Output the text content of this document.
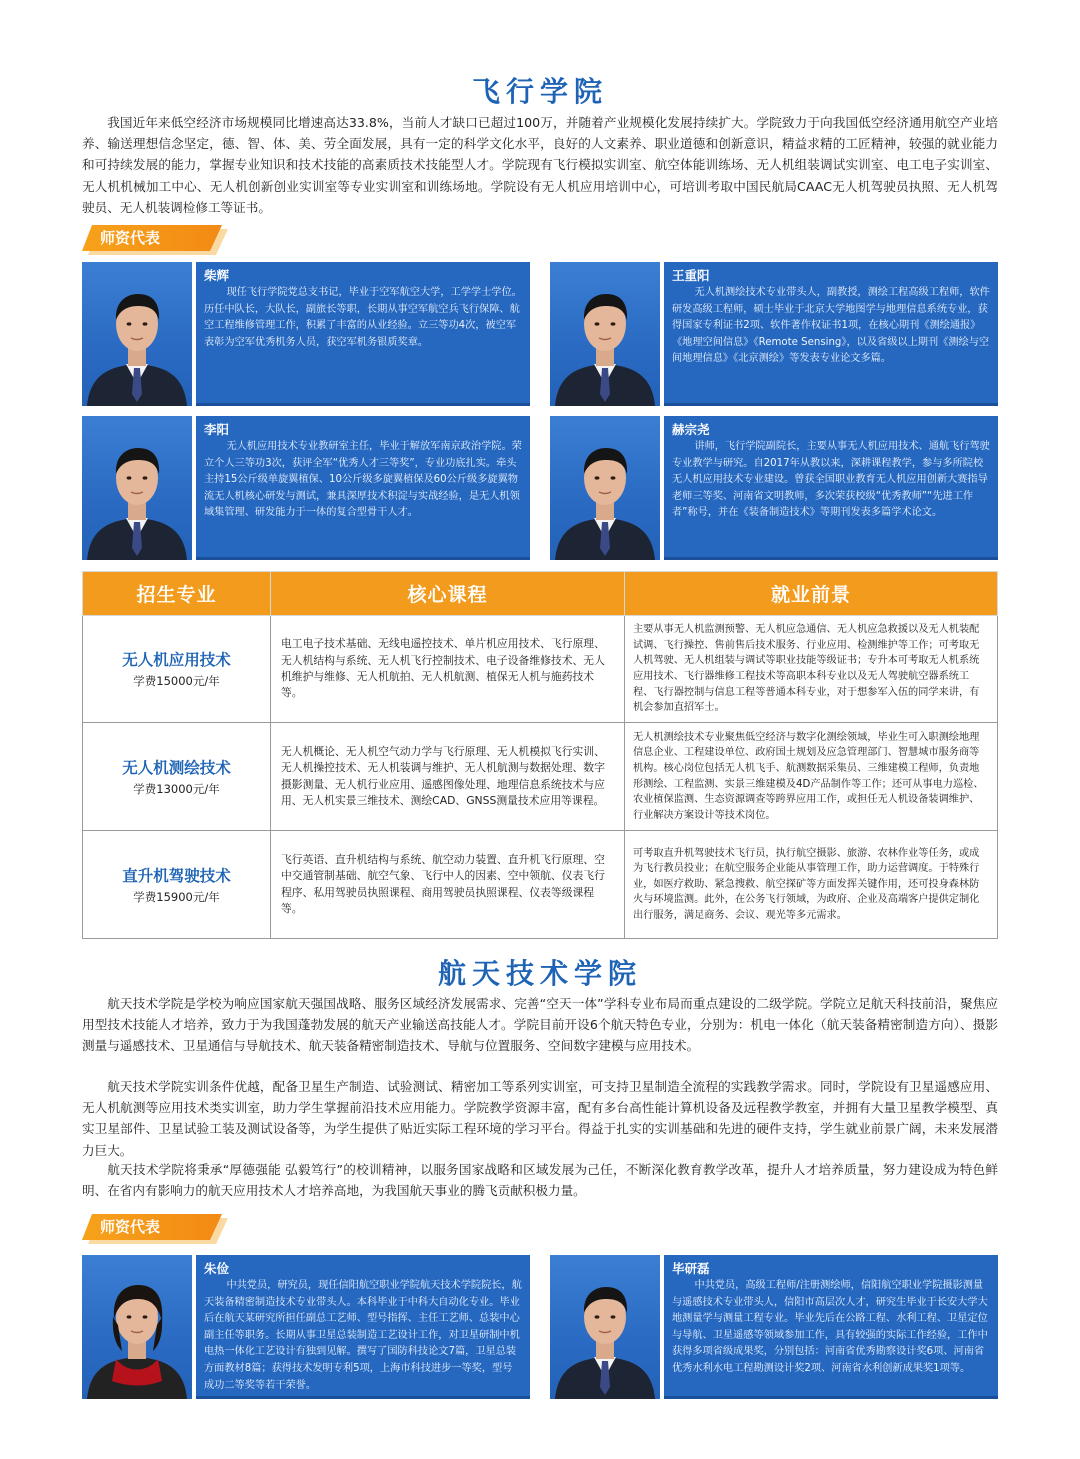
飞行学院
我国近年来低空经济市场规模同比增速高达33.8%，当前人才缺口已超过100万，并随着产业规模化发展持续扩大。学院致力于向我国低空经济通用航空产业培养、输送理想信念坚定，德、智、体、美、劳全面发展，具有一定的科学文化水平，良好的人文素养、职业道德和创新意识，精益求精的工匠精神，较强的就业能力和可持续发展的能力，掌握专业知识和技术技能的高素质技术技能型人才。学院现有飞行模拟实训室、航空体能训练场、无人机组装调试实训室、电工电子实训室、无人机机械加工中心、无人机创新创业实训室等专业实训室和训练场地。学院设有无人机应用培训中心，可培训考取中国民航局CAAC无人机驾驶员执照、无人机驾驶员、无人机装调检修工等证书。
师资代表
柴辉
现任飞行学院党总支书记，毕业于空军航空大学，工学学士学位。历任中队长，大队长，副旅长等职，长期从事空军航空兵飞行保障、航空工程维修管理工作，积累了丰富的从业经验。立三等功4次，被空军表彰为空军优秀机务人员，获空军机务银质奖章。
王重阳
无人机测绘技术专业带头人，副教授，测绘工程高级工程师，软件研发高级工程师，硕士毕业于北京大学地图学与地理信息系统专业，获得国家专利证书2项、软件著作权证书1项，在核心期刊《测绘通报》《地理空间信息》《Remote Sensing》，以及省级以上期刊《测绘与空间地理信息》《北京测绘》等发表专业论文多篇。
李阳
无人机应用技术专业教研室主任，毕业于解放军南京政治学院。荣立个人三等功3次，获评全军“优秀人才三等奖”，专业功底扎实。牵头主持15公斤级单旋翼植保、10公斤级多旋翼植保及60公斤级多旋翼物流无人机核心研发与测试，兼具深厚技术积淀与实战经验，是无人机领域集管理、研发能力于一体的复合型骨干人才。
赫宗尧
讲师，飞行学院副院长，主要从事无人机应用技术、通航飞行驾驶专业教学与研究。自2017年从教以来，深耕课程教学，参与多所院校无人机应用技术专业建设。曾获全国职业教育无人机应用创新大赛指导老师三等奖、河南省文明教师，多次荣获校级“优秀教师”“先进工作者”称号，并在《装备制造技术》等期刊发表多篇学术论文。
招生专业	核心课程	就业前景

无人机应用技术
学费15000元/年	电工电子技术基础、无线电遥控技术、单片机应用技术、飞行原理、无人机结构与系统、无人机飞行控制技术、电子设备维修技术、无人机维护与维修、无人机航拍、无人机航测、植保无人机与施药技术等。	主要从事无人机监测预警、无人机应急通信、无人机应急救援以及无人机装配试调、飞行操控、售前售后技术服务、行业应用、检测维护等工作；可考取无人机驾驶、无人机组装与调试等职业技能等级证书；专升本可考取无人机系统应用技术、飞行器维修工程技术等高职本科专业以及无人驾驶航空器系统工程、飞行器控制与信息工程等普通本科专业，对于想参军入伍的同学来讲，有机会参加直招军士。

无人机测绘技术
学费13000元/年	无人机概论、无人机空气动力学与飞行原理、无人机模拟飞行实训、无人机操控技术、无人机装调与维护、无人机航测与数据处理、数字摄影测量、无人机行业应用、遥感图像处理、地理信息系统技术与应用、无人机实景三维技术、测绘CAD、GNSS测量技术应用等课程。	无人机测绘技术专业聚焦低空经济与数字化测绘领域，毕业生可入职测绘地理信息企业、工程建设单位、政府国土规划及应急管理部门、智慧城市服务商等机构。核心岗位包括无人机飞手、航测数据采集员、三维建模工程师，负责地形测绘、工程监测、实景三维建模及4D产品制作等工作；还可从事电力巡检、农业植保监测、生态资源调查等跨界应用工作，或担任无人机设备装调维护、行业解决方案设计等技术岗位。

直升机驾驶技术
学费15900元/年	飞行英语、直升机结构与系统、航空动力装置、直升机飞行原理、空中交通管制基础、航空气象、飞行中人的因素、空中领航、仪表飞行程序、私用驾驶员执照课程、商用驾驶员执照课程、仪表等级课程等。	可考取直升机驾驶技术飞行员，执行航空摄影、旅游、农林作业等任务，或成为飞行教员投业；在航空服务企业能从事管理工作，助力运营调度。于特殊行业，如医疗救助、紧急搜救、航空探矿等方面发挥关键作用，还可投身森林防火与环境监测。此外，在公务飞行领域，为政府、企业及高端客户提供定制化出行服务，满足商务、会议、观光等多元需求。
航天技术学院
航天技术学院是学校为响应国家航天强国战略、服务区域经济发展需求、完善“空天一体”学科专业布局而重点建设的二级学院。学院立足航天科技前沿，聚焦应用型技术技能人才培养，致力于为我国蓬勃发展的航天产业输送高技能人才。学院目前开设6个航天特色专业，分别为：机电一体化（航天装备精密制造方向）、摄影测量与遥感技术、卫星通信与导航技术、航天装备精密制造技术、导航与位置服务、空间数字建模与应用技术。
航天技术学院实训条件优越，配备卫星生产制造、试验测试、精密加工等系列实训室，可支持卫星制造全流程的实践教学需求。同时，学院设有卫星遥感应用、无人机航测等应用技术类实训室，助力学生掌握前沿技术应用能力。学院教学资源丰富，配有多台高性能计算机设备及远程教学教室，并拥有大量卫星教学模型、真实卫星部件、卫星试验工装及测试设备等，为学生提供了贴近实际工程环境的学习平台。得益于扎实的实训基础和先进的硬件支持，学生就业前景广阔，未来发展潜力巨大。
航天技术学院将秉承“厚德强能 弘毅笃行”的校训精神，以服务国家战略和区域发展为己任，不断深化教育教学改革，提升人才培养质量，努力建设成为特色鲜明、在省内有影响力的航天应用技术人才培养高地，为我国航天事业的腾飞贡献积极力量。
师资代表
朱俭
中共党员，研究员，现任信阳航空职业学院航天技术学院院长，航天装备精密制造技术专业带头人。本科毕业于中科大自动化专业。毕业后在航天某研究所担任副总工艺师、型号指挥、主任工艺师、总装中心副主任等职务。长期从事卫星总装制造工艺设计工作，对卫星研制中机电热一体化工艺设计有独到见解。撰写了国防科技论文7篇，卫星总装方面教材8篇；获得技术发明专利5项，上海市科技进步一等奖，型号成功二等奖等若干荣誉。
毕研磊
中共党员，高级工程师/注册测绘师，信阳航空职业学院摄影测量与遥感技术专业带头人，信阳市高层次人才，研究生毕业于长安大学大地测量学与测量工程专业。毕业先后在公路工程、水利工程、卫星定位与导航、卫星遥感等领域参加工作，具有较强的实际工作经验，工作中获得多项省级成果奖，分别包括：河南省优秀勘察设计奖6项、河南省优秀水利水电工程勘测设计奖2项、河南省水利创新成果奖1项等。
